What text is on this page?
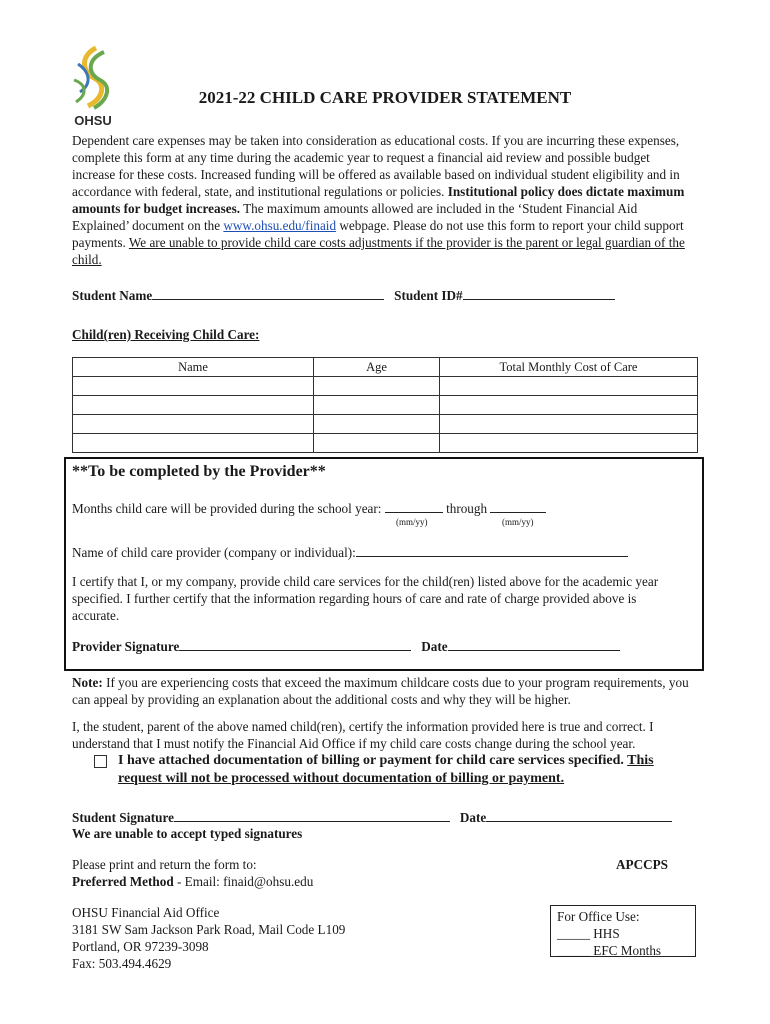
OHSU
2021-22 CHILD CARE PROVIDER STATEMENT
Dependent care expenses may be taken into consideration as educational costs. If you are incurring these expenses, complete this form at any time during the academic year to request a financial aid review and possible budget increase for these costs. Increased funding will be offered as available based on individual student eligibility and in accordance with federal, state, and institutional regulations or policies. Institutional policy does dictate maximum amounts for budget increases. The maximum amounts allowed are included in the ‘Student Financial Aid Explained’ document on the www.ohsu.edu/finaid webpage. Please do not use this form to report your child support payments. We are unable to provide child care costs adjustments if the provider is the parent or legal guardian of the child.
Student Name	Student ID#
Child(ren) Receiving Child Care:
Name	Age	Total Monthly Cost of Care

**To be completed by the Provider**
Months child care will be provided during the school year:	through
(mm/yy)	(mm/yy)
Name of child care provider (company or individual):
I certify that I, or my company, provide child care services for the child(ren) listed above for the academic year specified. I further certify that the information regarding hours of care and rate of charge provided above is accurate.
Provider Signature	Date
Note: If you are experiencing costs that exceed the maximum childcare costs due to your program requirements, you can appeal by providing an explanation about the additional costs and why they will be higher.
I, the student, parent of the above named child(ren), certify the information provided here is true and correct. I understand that I must notify the Financial Aid Office if my child care costs change during the school year.
I have attached documentation of billing or payment for child care services specified. This request will not be processed without documentation of billing or payment.
Student Signature	Date
We are unable to accept typed signatures
Please print and return the form to:
Preferred Method - Email: finaid@ohsu.edu
APCCPS
OHSU Financial Aid Office
3181 SW Sam Jackson Park Road, Mail Code L109
Portland, OR 97239-3098
Fax: 503.494.4629
For Office Use:
_____ HHS
_____ EFC Months
